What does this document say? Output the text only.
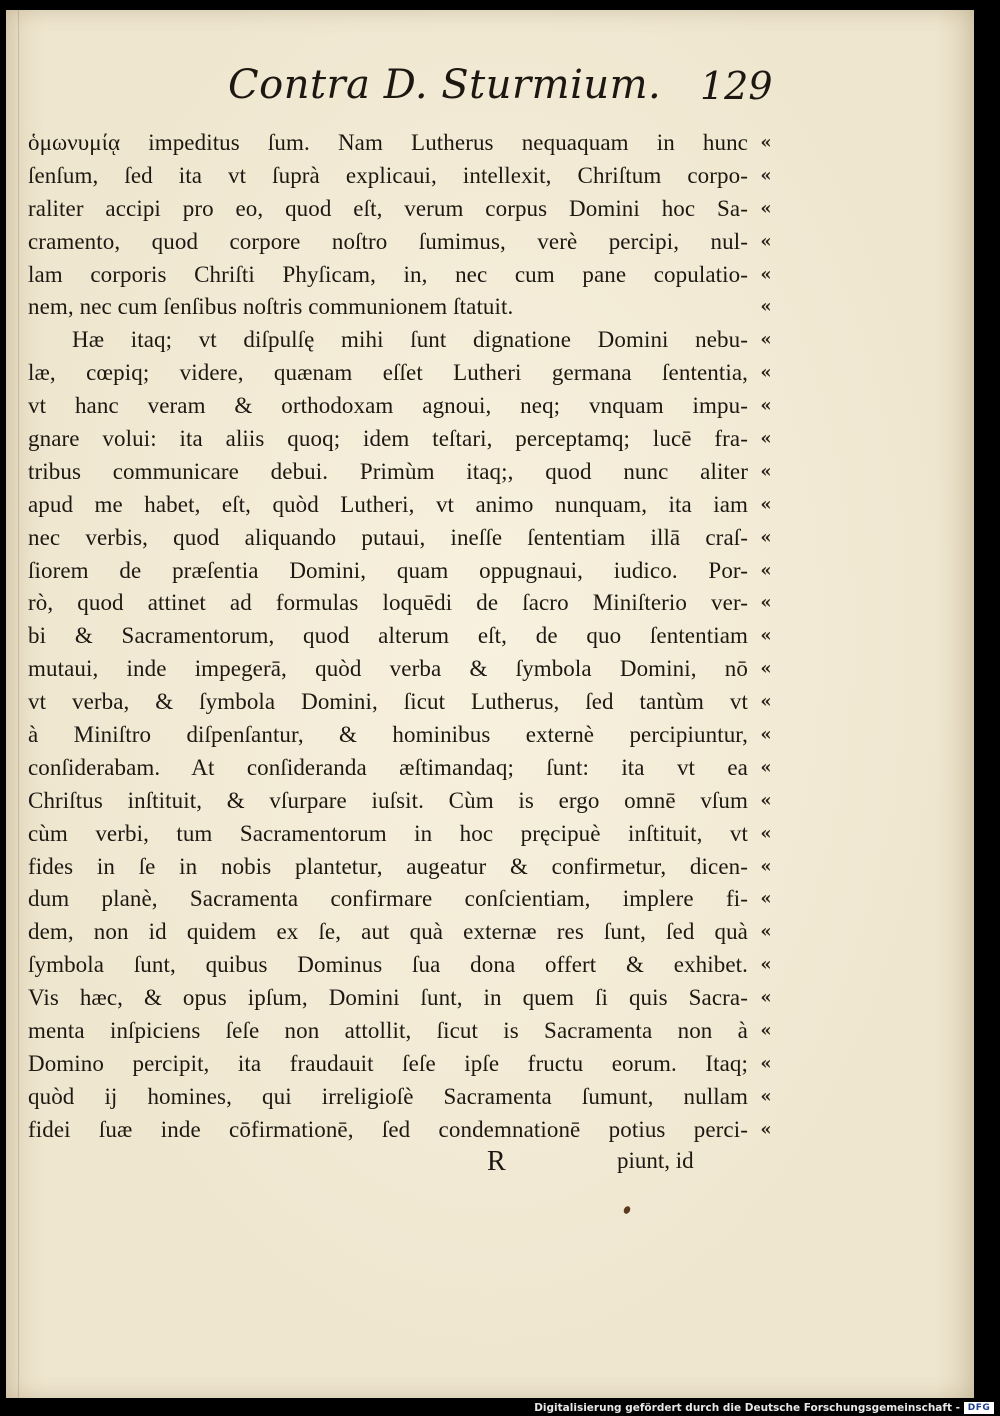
Contra D. Sturmium. 129
ὁμωνυμίᾳ impeditus ſum. Nam Lutherus nequaquam in hunc
ſenſum, ſed ita vt ſuprà explicaui, intellexit, Chriſtum corpo-
raliter accipi pro eo, quod eſt, verum corpus Domini hoc Sa-
cramento, quod corpore noſtro ſumimus, verè percipi, nul-
lam corporis Chriſti Phyſicam, in, nec cum pane copulatio-
nem, nec cum ſenſibus noſtris communionem ſtatuit.
Hæ itaq; vt diſpulſę mihi ſunt dignatione Domini nebu-
læ, cœpiq; videre, quænam eſſet Lutheri germana ſententia,
vt hanc veram & orthodoxam agnoui, neq; vnquam impu-
gnare volui: ita aliis quoq; idem teſtari, perceptamq; lucē fra-
tribus communicare debui. Primùm itaq;, quod nunc aliter
apud me habet, eſt, quòd Lutheri, vt animo nunquam, ita iam
nec verbis, quod aliquando putaui, ineſſe ſententiam illā craſ-
ſiorem de præſentia Domini, quam oppugnaui, iudico. Por-
rò, quod attinet ad formulas loquēdi de ſacro Miniſterio ver-
bi & Sacramentorum, quod alterum eſt, de quo ſententiam
mutaui, inde impegerā, quòd verba & ſymbola Domini, nō
vt verba, & ſymbola Domini, ſicut Lutherus, ſed tantùm vt
à Miniſtro diſpenſantur, & hominibus externè percipiuntur,
conſiderabam. At conſideranda æſtimandaq; ſunt: ita vt ea
Chriſtus inſtituit, & vſurpare iuſsit. Cùm is ergo omnē vſum
cùm verbi, tum Sacramentorum in hoc pręcipuè inſtituit, vt
fides in ſe in nobis plantetur, augeatur & confirmetur, dicen-
dum planè, Sacramenta confirmare conſcientiam, implere fi-
dem, non id quidem ex ſe, aut quà externæ res ſunt, ſed quà
ſymbola ſunt, quibus Dominus ſua dona offert & exhibet.
Vis hæc, & opus ipſum, Domini ſunt, in quem ſi quis Sacra-
menta inſpiciens ſeſe non attollit, ſicut is Sacramenta non à
Domino percipit, ita fraudauit ſeſe ipſe fructu eorum. Itaq;
quòd ij homines, qui irreligioſè Sacramenta ſumunt, nullam
fidei ſuæ inde cōfirmationē, ſed condemnationē potius perci-
«
«
«
«
«
«
«
«
«
«
«
«
«
«
«
«
«
«
«
«
«
«
«
«
«
«
«
«
«
«
«
R	piunt, id
Digitalisierung gefördert durch die Deutsche Forschungsgemeinschaft - DFG
